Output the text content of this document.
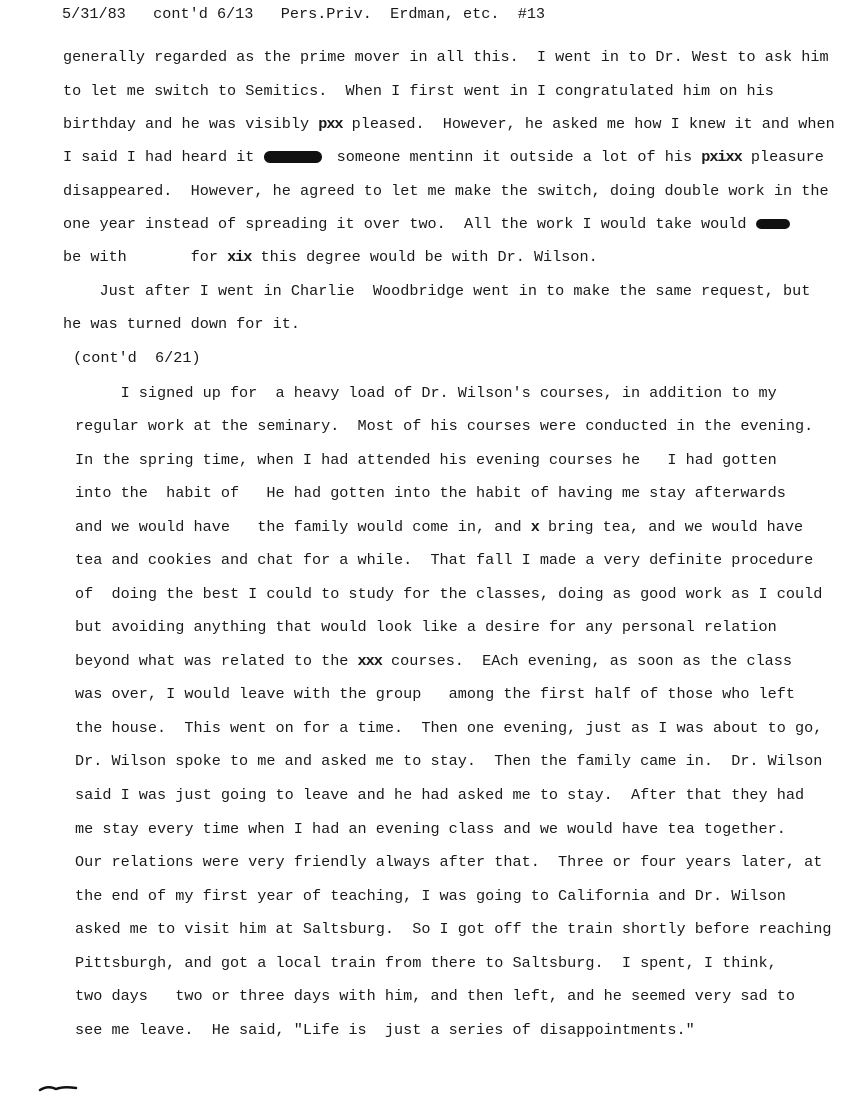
5/31/83   cont'd 6/13   Pers.Priv.  Erdman, etc.  #13
generally regarded as the prime mover in all this.  I went in to Dr. West to ask him
to let me switch to Semitics.  When I first went in I congratulated him on his
birthday and he was visibly pxx pleased.  However, he asked me how I knew it and when
I said I had heard it	someone mentinn it outside a lot of his pxixx pleasure
disappeared.  However, he agreed to let me make the switch, doing double work in the
one year instead of spreading it over two.  All the work I would take would
be with       for xix this degree would be with Dr. Wilson.
Just after I went in Charlie  Woodbridge went in to make the same request, but
he was turned down for it.
(cont'd  6/21)
I signed up for  a heavy load of Dr. Wilson's courses, in addition to my
regular work at the seminary.  Most of his courses were conducted in the evening.
In the spring time, when I had attended his evening courses he   I had gotten
into the  habit of   He had gotten into the habit of having me stay afterwards
and we would have   the family would come in, and x bring tea, and we would have
tea and cookies and chat for a while.  That fall I made a very definite procedure
of  doing the best I could to study for the classes, doing as good work as I could
but avoiding anything that would look like a desire for any personal relation
beyond what was related to the xxx courses.  EAch evening, as soon as the class
was over, I would leave with the group   among the first half of those who left
the house.  This went on for a time.  Then one evening, just as I was about to go,
Dr. Wilson spoke to me and asked me to stay.  Then the family came in.  Dr. Wilson
said I was just going to leave and he had asked me to stay.  After that they had
me stay every time when I had an evening class and we would have tea together.
Our relations were very friendly always after that.  Three or four years later, at
the end of my first year of teaching, I was going to California and Dr. Wilson
asked me to visit him at Saltsburg.  So I got off the train shortly before reaching
Pittsburgh, and got a local train from there to Saltsburg.  I spent, I think,
two days   two or three days with him, and then left, and he seemed very sad to
see me leave.  He said, "Life is  just a series of disappointments."
